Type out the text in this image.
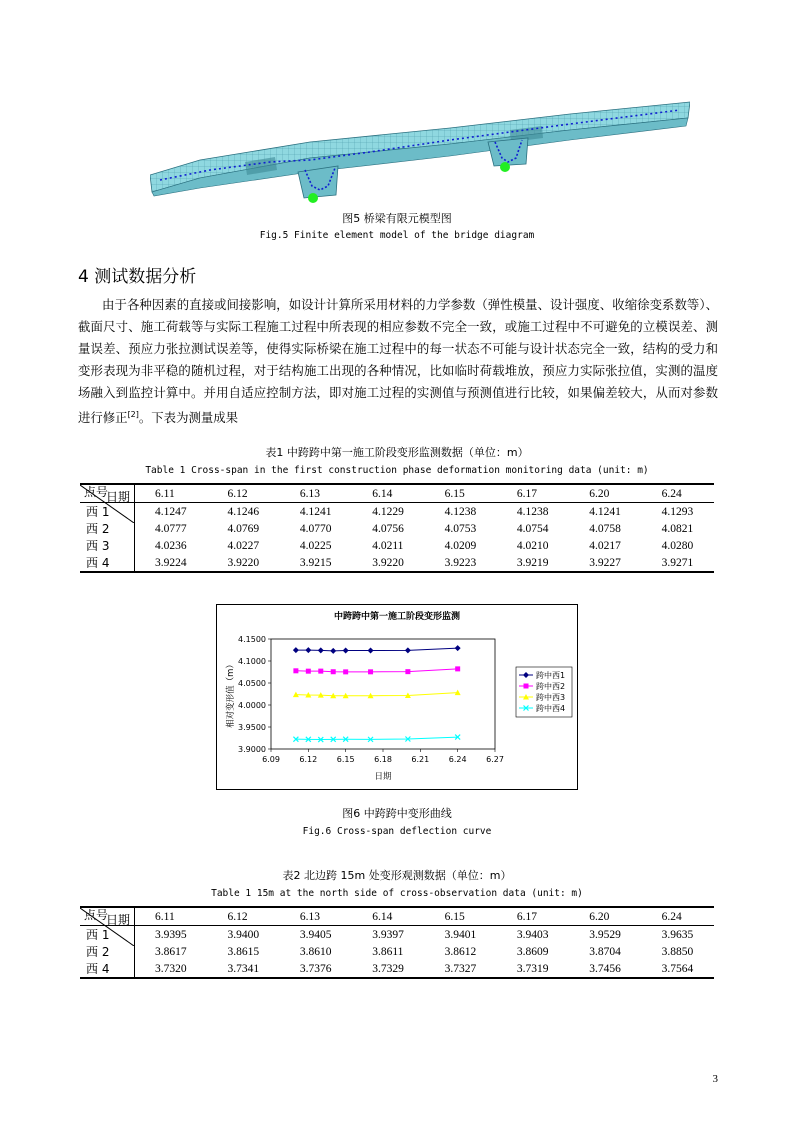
图5 桥梁有限元模型图
Fig.5 Finite element model of the bridge diagram
4 测试数据分析
由于各种因素的直接或间接影响，如设计计算所采用材料的力学参数（弹性模量、设计强度、收缩徐变系数等）、截面尺寸、施工荷载等与实际工程施工过程中所表现的相应参数不完全一致，或施工过程中不可避免的立模误差、测量误差、预应力张拉测试误差等，使得实际桥梁在施工过程中的每一状态不可能与设计状态完全一致，结构的受力和变形表现为非平稳的随机过程，对于结构施工出现的各种情况，比如临时荷载堆放，预应力实际张拉值，实测的温度场融入到监控计算中。并用自适应控制方法，即对施工过程的实测值与预测值进行比较，如果偏差较大，从而对参数进行修正[2]。下表为测量成果
表1 中跨跨中第一施工阶段变形监测数据（单位：m）
Table 1 Cross-span in the first construction phase deformation monitoring data (unit: m)
日期
点号	6.11	6.12	6.13	6.14	6.15	6.17	6.20	6.24
西 1	4.1247	4.1246	4.1241	4.1229	4.1238	4.1238	4.1241	4.1293
西 2	4.0777	4.0769	4.0770	4.0756	4.0753	4.0754	4.0758	4.0821
西 3	4.0236	4.0227	4.0225	4.0211	4.0209	4.0210	4.0217	4.0280
西 4	3.9224	3.9220	3.9215	3.9220	3.9223	3.9219	3.9227	3.9271
中跨跨中第一施工阶段变形监测
3.9000
3.9500
4.0000
4.0500
4.1000
4.1500
6.09 6.12 6.15 6.18 6.21 6.24 6.27
日期
相对变形值（m）	跨中西1
跨中西2
跨中西3
跨中西4
图6 中跨跨中变形曲线
Fig.6 Cross-span deflection curve
表2 北边跨 15m 处变形观测数据（单位：m）
Table 1 15m at the north side of cross-observation data (unit: m)
日期
点号	6.11	6.12	6.13	6.14	6.15	6.17	6.20	6.24
西 1	3.9395	3.9400	3.9405	3.9397	3.9401	3.9403	3.9529	3.9635
西 2	3.8617	3.8615	3.8610	3.8611	3.8612	3.8609	3.8704	3.8850
西 4	3.7320	3.7341	3.7376	3.7329	3.7327	3.7319	3.7456	3.7564
3
